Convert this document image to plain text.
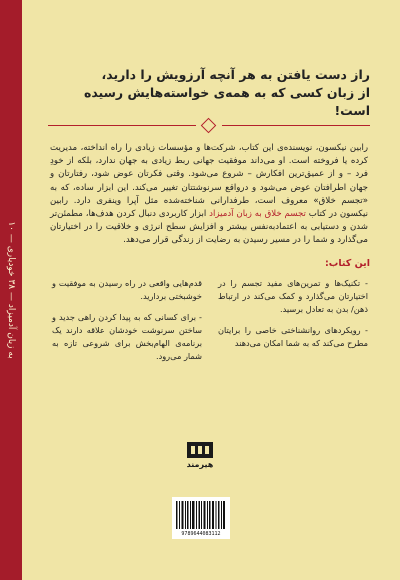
به زبان آدمیزاد — ۳۸ خودیاری — ۱۰
راز دست یافتن به هر آنچه آرزویش را دارید،
از زبان کسی که به همه‌ی خواسته‌هایش رسیده است!
رابین نیکسون، نویسنده‌ی این کتاب، شرکت‌ها و مؤسسات زیادی را راه انداخته، مدیریت کرده یا فروخته است. او می‌داند موفقیت جهانی ربط زیادی به جهان ندارد، بلکه از خودِ فرد – و از عمیق‌ترین افکارش – شروع می‌شود. وقتی فکرتان عوض شود، رفتارتان و جهان اطرافتان عوض می‌شود و درواقع سرنوشتتان تغییر می‌کند. این ابزار ساده، که به «تجسم خلاق» معروف است، طرفدارانی شناخته‌شده مثل آپرا وینفری دارد. رابین نیکسون در کتاب تجسم خلاق به زبان آدمیزاد ابزار کاربردی دنبال کردن هدف‌ها، مطمئن‌تر شدن و دستیابی به اعتمادبه‌نفس بیشتر و افزایش سطح انرژی و خلاقیت را در اختیارتان می‌گذارد و شما را در مسیر رسیدن به رضایت از زندگی قرار می‌دهد.
این کتاب:

- تکنیک‌ها و تمرین‌های مفید تجسم را در اختیارتان می‌گذارد و کمک می‌کند در ارتباط ذهن/ بدن به تعادل برسید.

- رویکردهای روانشناختی خاصی را برایتان مطرح می‌کند که به شما امکان می‌دهند

قدم‌هایی واقعی در راه رسیدن به موفقیت و خوشبختی بردارید.

- برای کسانی که به پیدا کردن راهی جدید و ساختن سرنوشت خودشان علاقه دارند یک برنامه‌ی الهام‌بخش برای شروعی تازه به شمار می‌رود.

هیرمند
9789644083112
